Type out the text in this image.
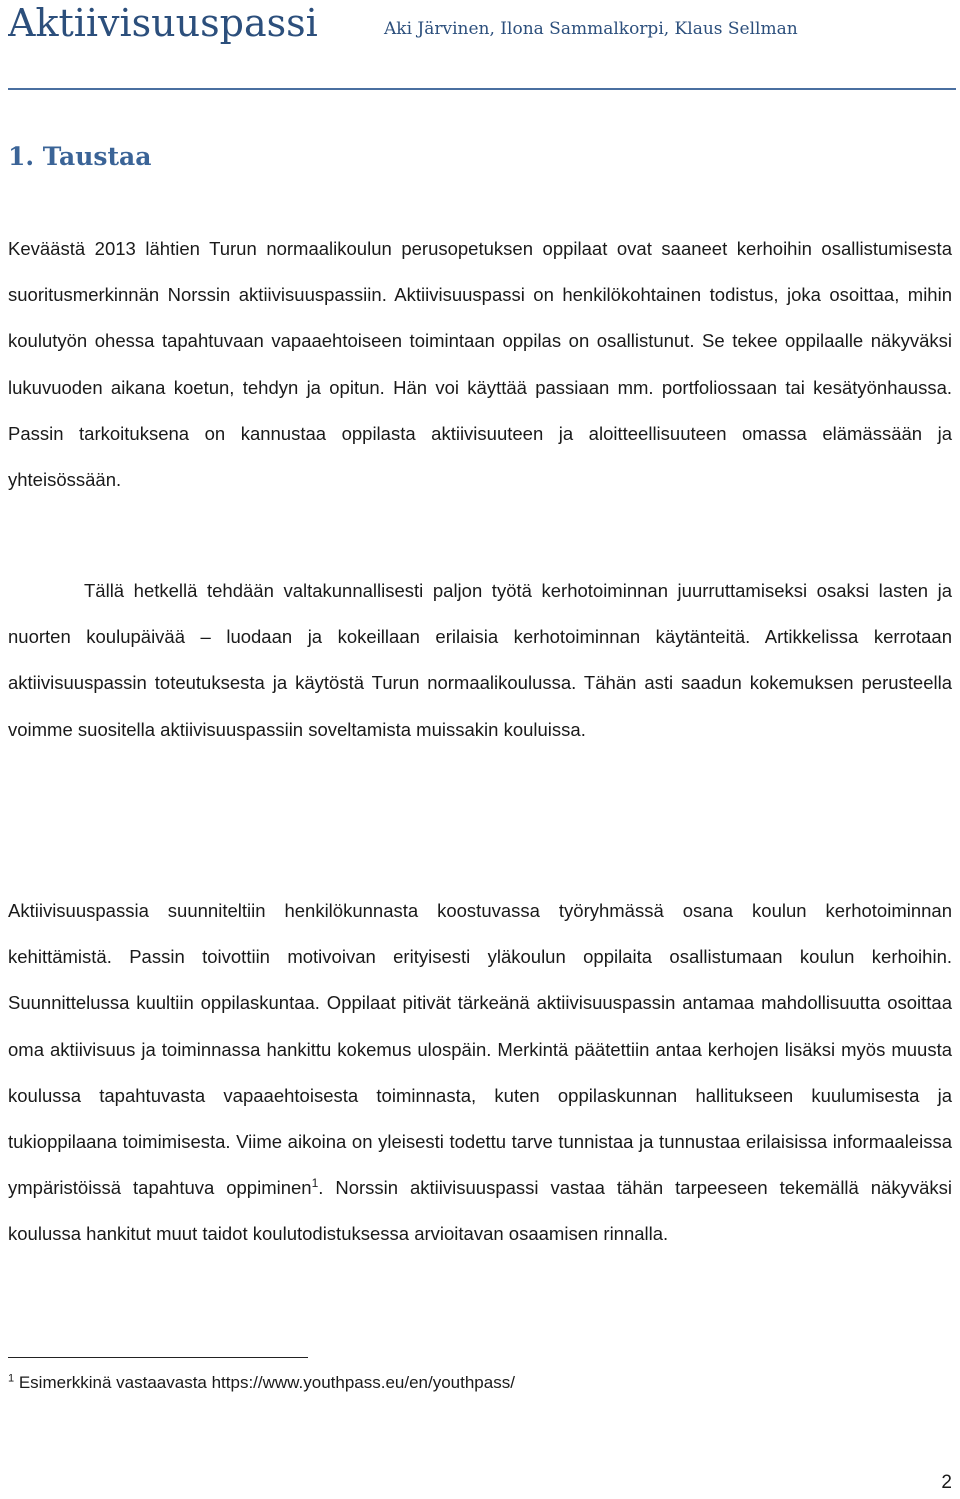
Aktiivisuuspassi	Aki Järvinen, Ilona Sammalkorpi, Klaus Sellman
1. Taustaa

Keväästä 2013 lähtien Turun normaalikoulun perusopetuksen oppilaat ovat saaneet kerhoihin osallistumisesta suoritusmerkinnän Norssin aktiivisuuspassiin. Aktiivisuuspassi on henkilökohtainen todistus, joka osoittaa, mihin koulutyön ohessa tapahtuvaan vapaaehtoiseen toimintaan oppilas on osallistunut. Se tekee oppilaalle näkyväksi lukuvuoden aikana koetun, tehdyn ja opitun. Hän voi käyttää passiaan mm. portfoliossaan tai kesätyönhaussa. Passin tarkoituksena on kannustaa oppilasta aktiivisuuteen ja aloitteellisuuteen omassa elämässään ja yhteisössään.

Tällä hetkellä tehdään valtakunnallisesti paljon työtä kerhotoiminnan juurruttamiseksi osaksi lasten ja nuorten koulupäivää – luodaan ja kokeillaan erilaisia kerhotoiminnan käytänteitä. Artikkelissa kerrotaan aktiivisuuspassin toteutuksesta ja käytöstä Turun normaalikoulussa. Tähän asti saadun kokemuksen perusteella voimme suositella aktiivisuuspassiin soveltamista muissakin kouluissa.

Aktiivisuuspassia suunniteltiin henkilökunnasta koostuvassa työryhmässä osana koulun kerhotoiminnan kehittämistä. Passin toivottiin motivoivan erityisesti yläkoulun oppilaita osallistumaan koulun kerhoihin. Suunnittelussa kuultiin oppilaskuntaa. Oppilaat pitivät tärkeänä aktiivisuuspassin antamaa mahdollisuutta osoittaa oma aktiivisuus ja toiminnassa hankittu kokemus ulospäin. Merkintä päätettiin antaa kerhojen lisäksi myös muusta koulussa tapahtuvasta vapaaehtoisesta toiminnasta, kuten oppilaskunnan hallitukseen kuulumisesta ja tukioppilaana toimimisesta. Viime aikoina on yleisesti todettu tarve tunnistaa ja tunnustaa erilaisissa informaaleissa ympäristöissä tapahtuva oppiminen$^1$. Norssin aktiivisuuspassi vastaa tähän tarpeeseen tekemällä näkyväksi koulussa hankitut muut taidot koulutodistuksessa arvioitavan osaamisen rinnalla.

$^1$ Esimerkkinä vastaavasta https://www.youthpass.eu/en/youthpass/
2
